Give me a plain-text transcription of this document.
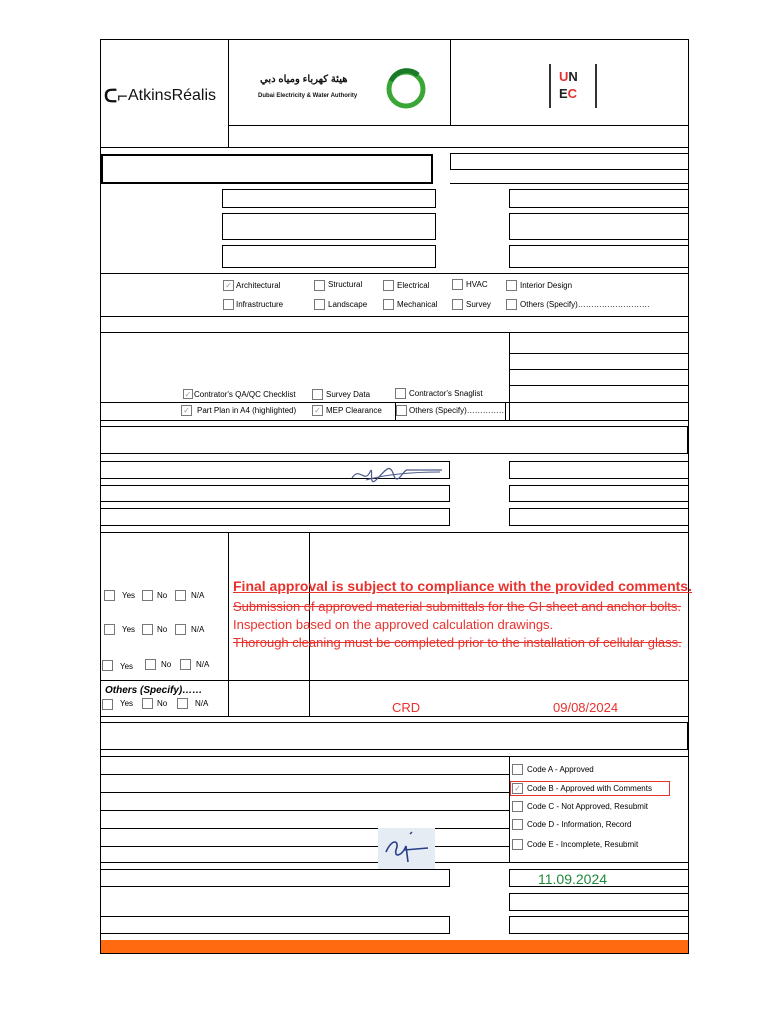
ᑕ⌐ AtkinsRéalis
هيئة كهرباء ومياه دبي
Dubai Electricity & Water Authority
UN
EC
✓ Architectural	Structural	Electrical	HVAC	Interior Design
Infrastructure	Landscape	Mechanical	Survey	Others (Specify)………………………
✓ Contrator's QA/QC Checklist	Survey Data	Contractor's Snaglist
✓ Part Plan in A4 (highlighted) ✓ MEP Clearance	Others (Specify)……………
Yes	No	N/A
Yes	No	N/A
Yes	No	N/A
Others (Specify)……
Yes	No	N/A
Final approval is subject to compliance with the provided comments.
Submission of approved material submittals for the GI sheet and anchor bolts.
Inspection based on the approved calculation drawings.
Thorough cleaning must be completed prior to the installation of cellular glass.
CRD	09/08/2024
Code A - Approved
✓ Code B - Approved with Comments
Code C - Not Approved, Resubmit
Code D - Information, Record
Code E - Incomplete, Resubmit
11.09.2024
